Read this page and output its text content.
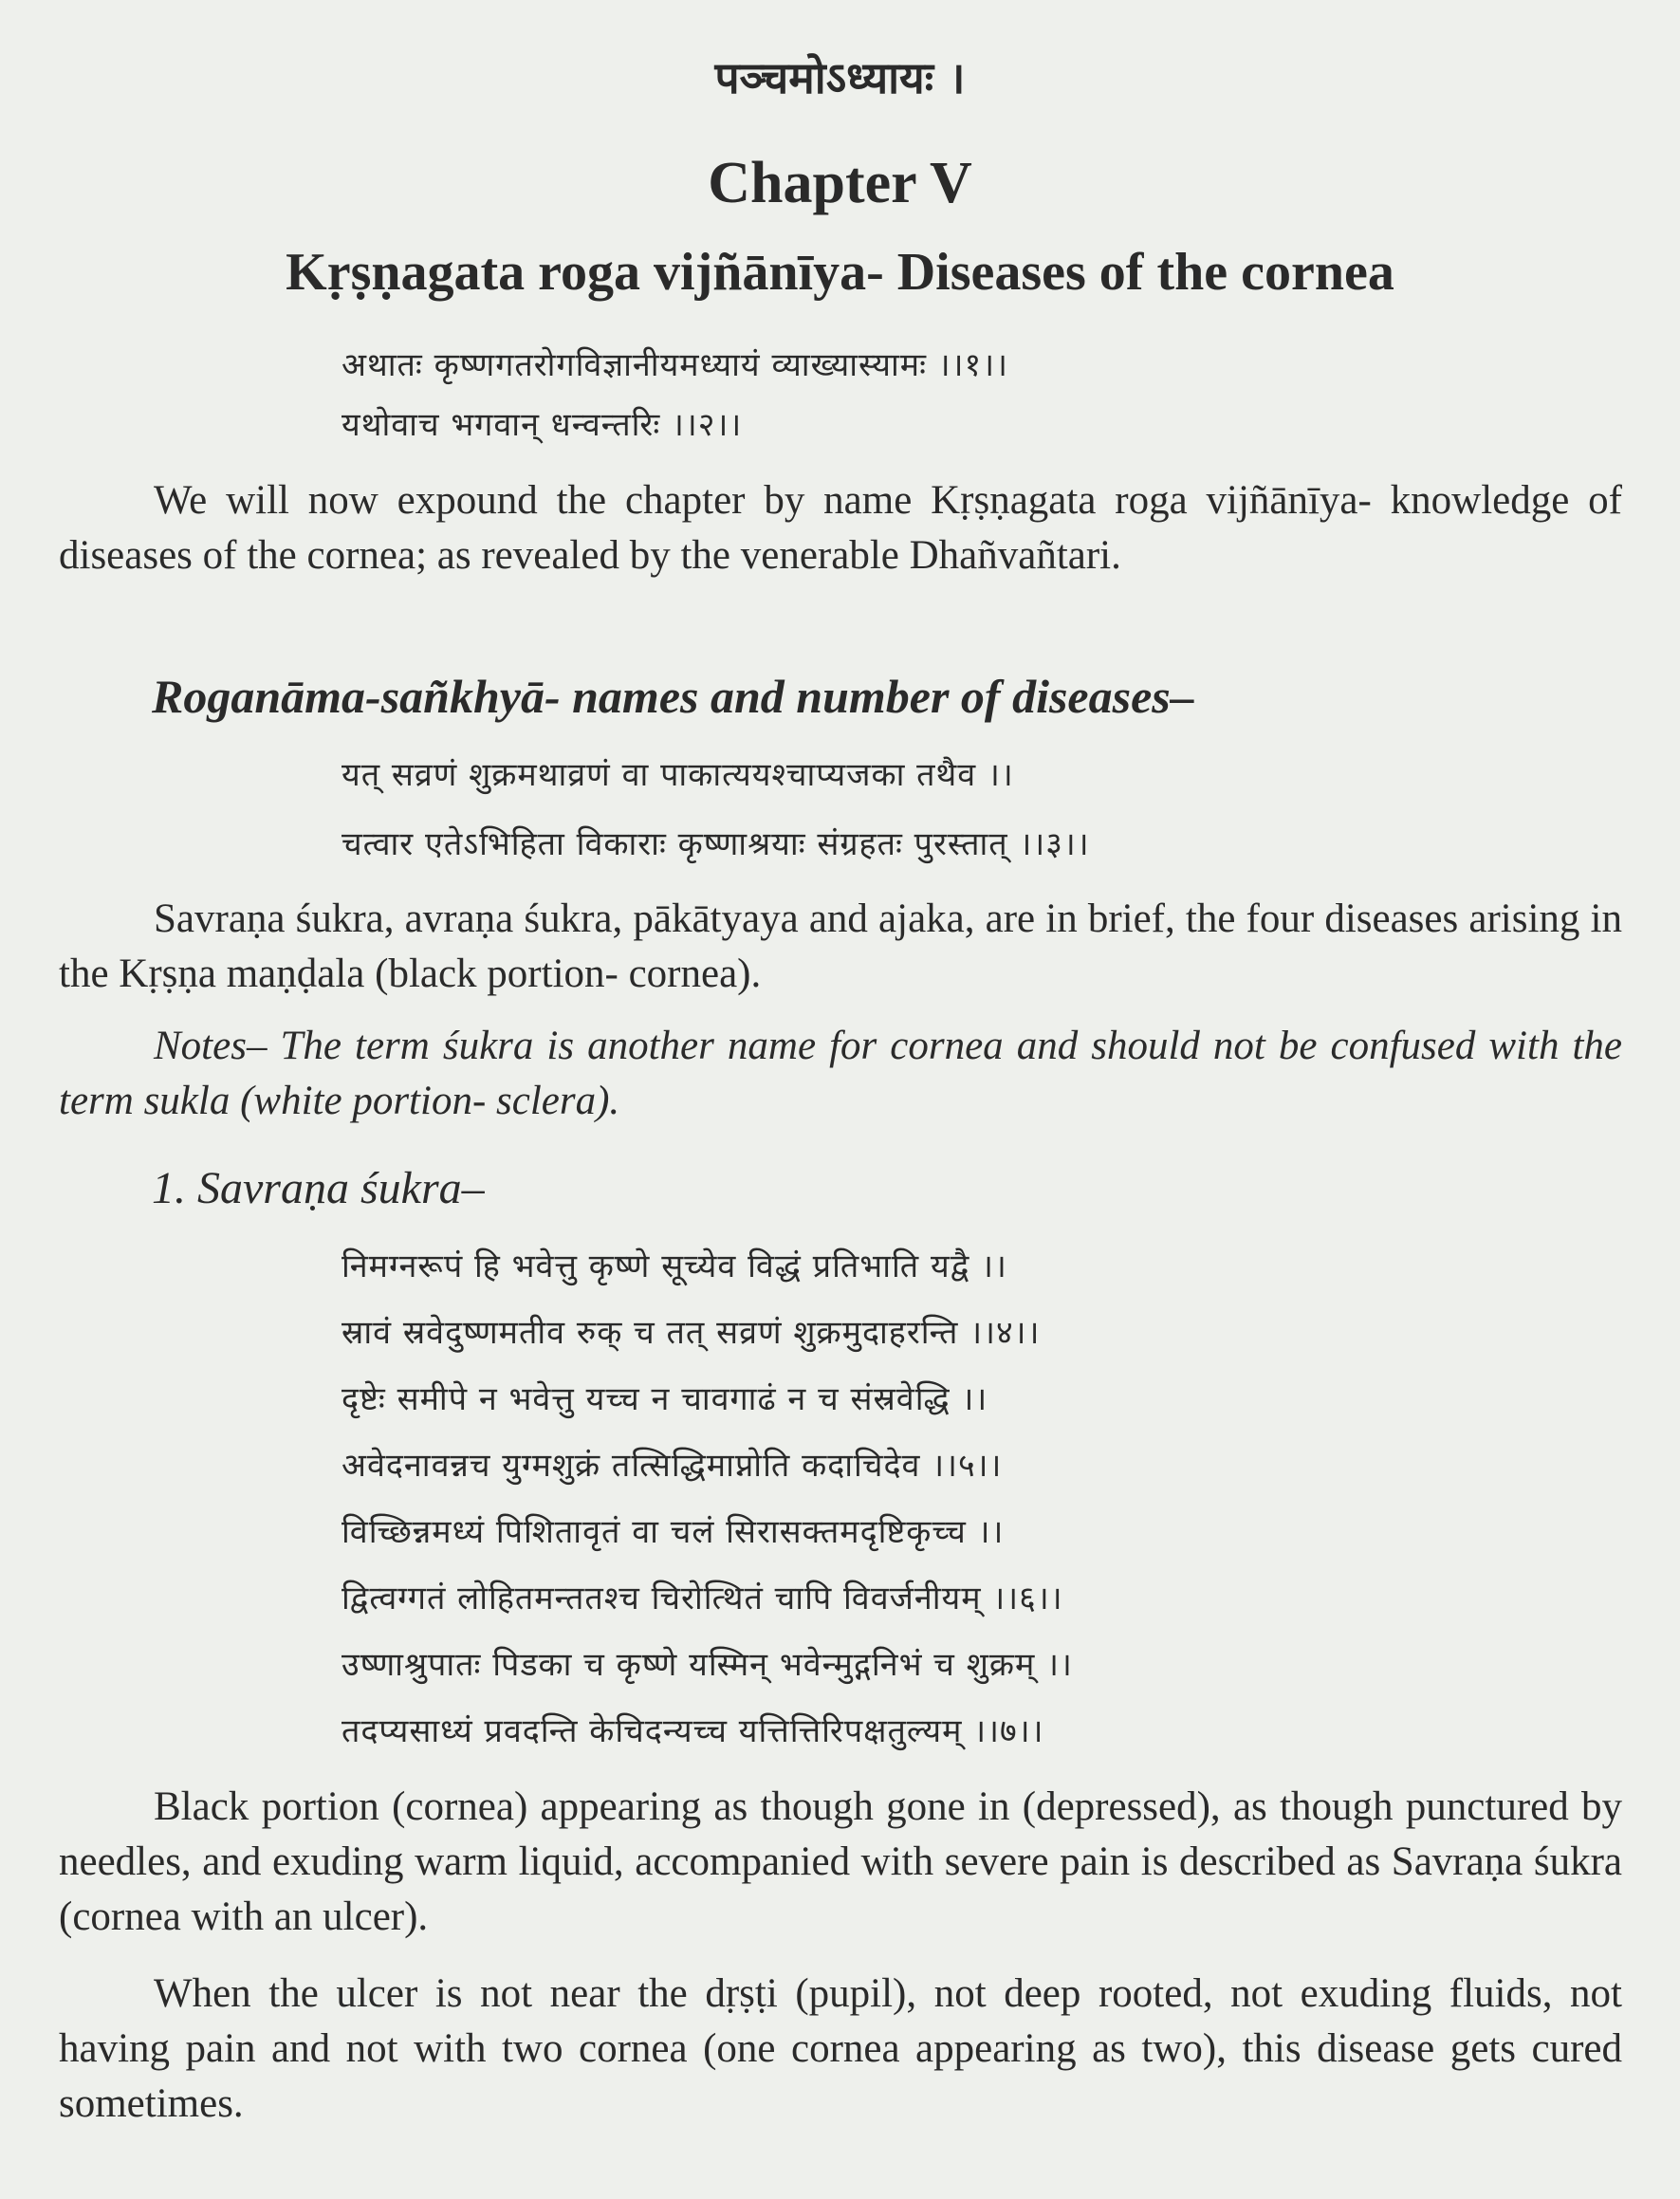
पञ्चमोऽध्यायः ।
Chapter V
Kṛṣṇagata roga vijñānīya- Diseases of the cornea
अथातः कृष्णगतरोगविज्ञानीयमध्यायं व्याख्यास्यामः ।।१।।
यथोवाच भगवान् धन्वन्तरिः ।।२।।
We will now expound the chapter by name Kṛṣṇagata roga vijñānīya- knowledge of diseases of the cornea; as revealed by the venerable Dhañvañtari.
Roganāma-sañkhyā- names and number of diseases–
यत् सव्रणं शुक्रमथाव्रणं वा पाकात्ययश्चाप्यजका तथैव ।।
चत्वार एतेऽभिहिता विकाराः कृष्णाश्रयाः संग्रहतः पुरस्तात् ।।३।।
Savraṇa śukra, avraṇa śukra, pākātyaya and ajaka, are in brief, the four diseases arising in the Kṛṣṇa maṇḍala (black portion- cornea).
Notes– The term śukra is another name for cornea and should not be confused with the term sukla (white portion- sclera).
1. Savraṇa śukra–
निमग्नरूपं हि भवेत्तु कृष्णे सूच्येव विद्धं प्रतिभाति यद्वै ।।
स्रावं स्रवेदुष्णमतीव रुक् च तत् सव्रणं शुक्रमुदाहरन्ति ।।४।।
दृष्टेः समीपे न भवेत्तु यच्च न चावगाढं न च संस्रवेद्धि ।।
अवेदनावन्नच युग्मशुक्रं तत्सिद्धिमाप्नोति कदाचिदेव ।।५।।
विच्छिन्नमध्यं पिशितावृतं वा चलं सिरासक्तमदृष्टिकृच्च ।।
द्वित्वग्गतं लोहितमन्ततश्च चिरोत्थितं चापि विवर्जनीयम् ।।६।।
उष्णाश्रुपातः पिडका च कृष्णे यस्मिन् भवेन्मुद्गनिभं च शुक्रम् ।।
तदप्यसाध्यं प्रवदन्ति केचिदन्यच्च यत्तित्तिरिपक्षतुल्यम् ।।७।।
Black portion (cornea) appearing as though gone in (depressed), as though punctured by needles, and exuding warm liquid, accompanied with severe pain is described as Savraṇa śukra (cornea with an ulcer).
When the ulcer is not near the dṛṣṭi (pupil), not deep rooted, not exuding fluids, not having pain and not with two cornea (one cornea appearing as two), this disease gets cured sometimes.
